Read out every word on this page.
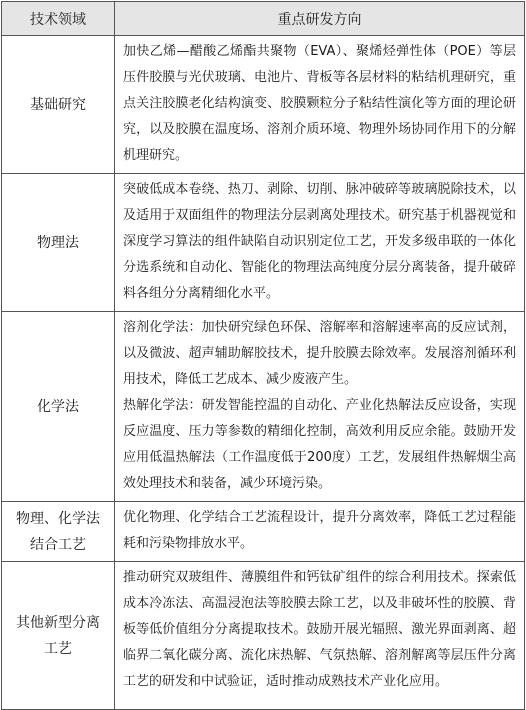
技术领域	重点研发方向
基础研究	加快乙烯—醋酸乙烯酯共聚物（EVA）、聚烯烃弹性体（POE）等层压件胶膜与光伏玻璃、电池片、背板等各层材料的粘结机理研究，重点关注胶膜老化结构演变、胶膜颗粒分子粘结性演化等方面的理论研究，以及胶膜在温度场、溶剂介质环境、物理外场协同作用下的分解机理研究。

物理法	突破低成本卷绕、热刀、剥除、切削、脉冲破碎等玻璃脱除技术，以及适用于双面组件的物理法分层剥离处理技术。研究基于机器视觉和深度学习算法的组件缺陷自动识别定位工艺，开发多级串联的一体化分选系统和自动化、智能化的物理法高纯度分层分离装备，提升破碎料各组分分离精细化水平。

化学法	溶剂化学法：加快研究绿色环保、溶解率和溶解速率高的反应试剂，以及微波、超声辅助解胶技术，提升胶膜去除效率。发展溶剂循环利用技术，降低工艺成本、减少废液产生。
热解化学法：研发智能控温的自动化、产业化热解法反应设备，实现反应温度、压力等参数的精细化控制，高效利用反应余能。鼓励开发应用低温热解法（工作温度低于200度）工艺，发展组件热解烟尘高效处理技术和装备，减少环境污染。

物理、化学法结合工艺	优化物理、化学结合工艺流程设计，提升分离效率，降低工艺过程能耗和污染物排放水平。

其他新型分离工艺	推动研究双玻组件、薄膜组件和钙钛矿组件的综合利用技术。探索低成本冷冻法、高温浸泡法等胶膜去除工艺，以及非破坏性的胶膜、背板等低价值组分分离提取技术。鼓励开展光辐照、激光界面剥离、超临界二氧化碳分离、流化床热解、气氛热解、溶剂解离等层压件分离工艺的研发和中试验证，适时推动成熟技术产业化应用。
